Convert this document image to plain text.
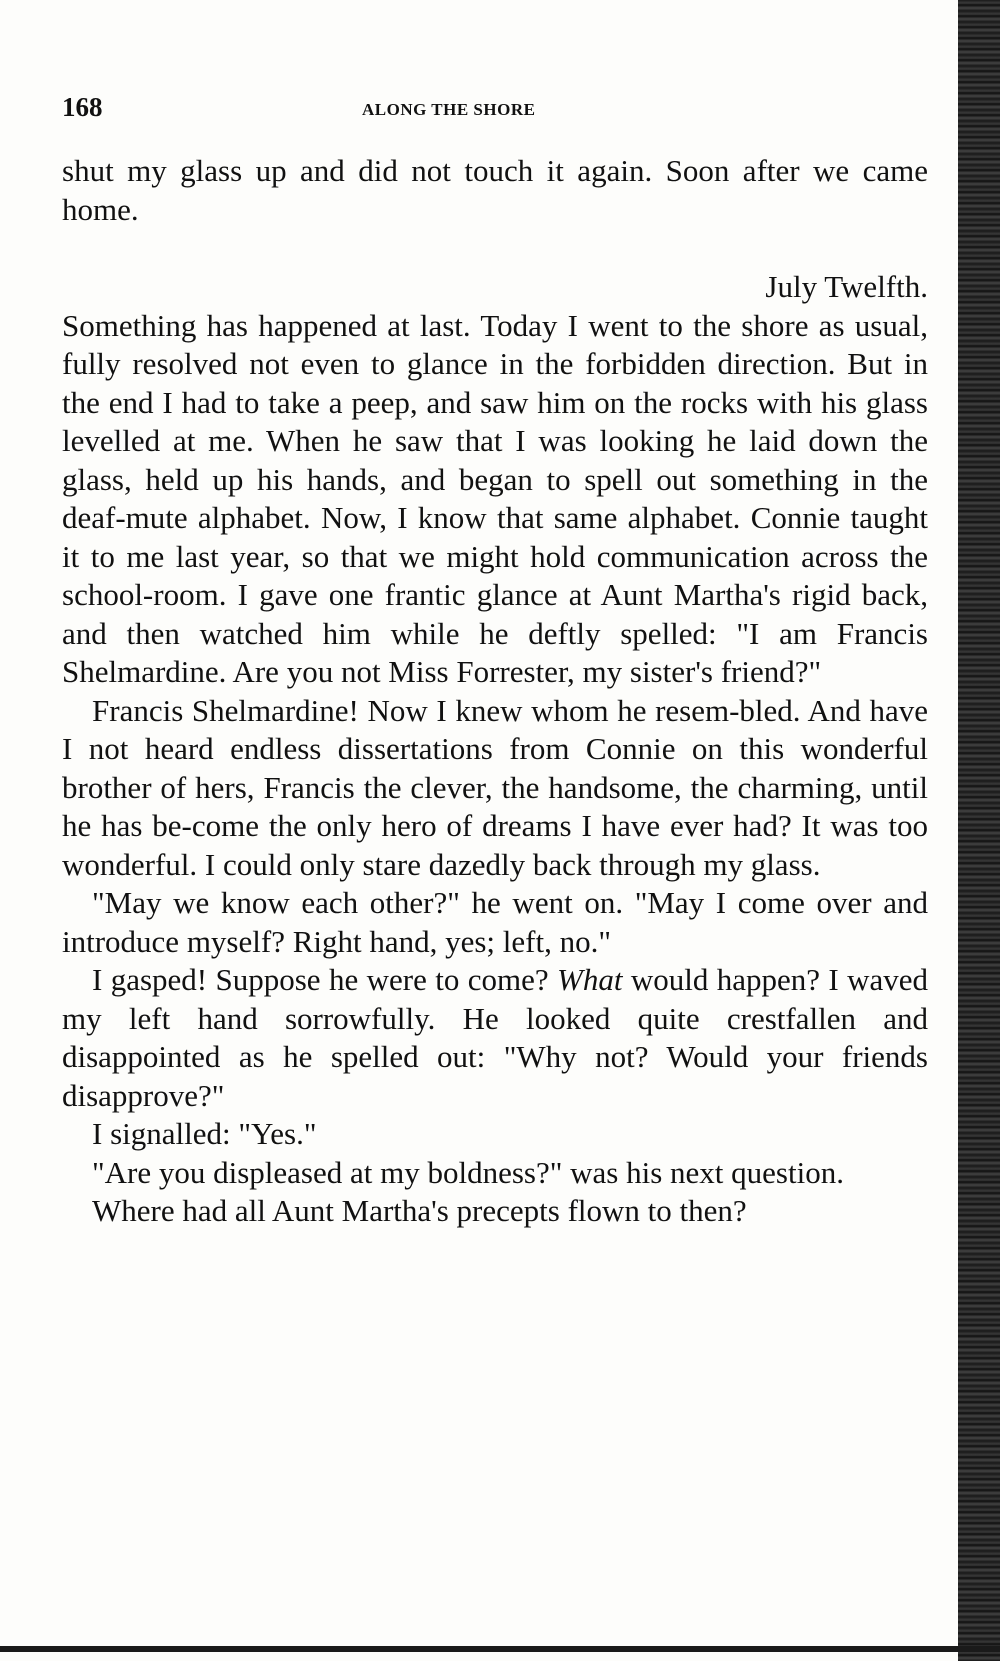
168	ALONG THE SHORE

shut my glass up and did not touch it again. Soon after we came home.

July Twelfth.

Something has happened at last. Today I went to the shore as usual, fully resolved not even to glance in the forbidden direction. But in the end I had to take a peep, and saw him on the rocks with his glass levelled at me. When he saw that I was looking he laid down the glass, held up his hands, and began to spell out something in the deaf-mute alphabet. Now, I know that same alphabet. Connie taught it to me last year, so that we might hold communication across the school-room. I gave one frantic glance at Aunt Martha's rigid back, and then watched him while he deftly spelled: "I am Francis Shelmardine. Are you not Miss Forrester, my sister's friend?"

Francis Shelmardine! Now I knew whom he resem-bled. And have I not heard endless dissertations from Connie on this wonderful brother of hers, Francis the clever, the handsome, the charming, until he has be-come the only hero of dreams I have ever had? It was too wonderful. I could only stare dazedly back through my glass.

"May we know each other?" he went on. "May I come over and introduce myself? Right hand, yes; left, no."

I gasped! Suppose he were to come? What would happen? I waved my left hand sorrowfully. He looked quite crestfallen and disappointed as he spelled out: "Why not? Would your friends disapprove?"

I signalled: "Yes."

"Are you displeased at my boldness?" was his next question.

Where had all Aunt Martha's precepts flown to then?
